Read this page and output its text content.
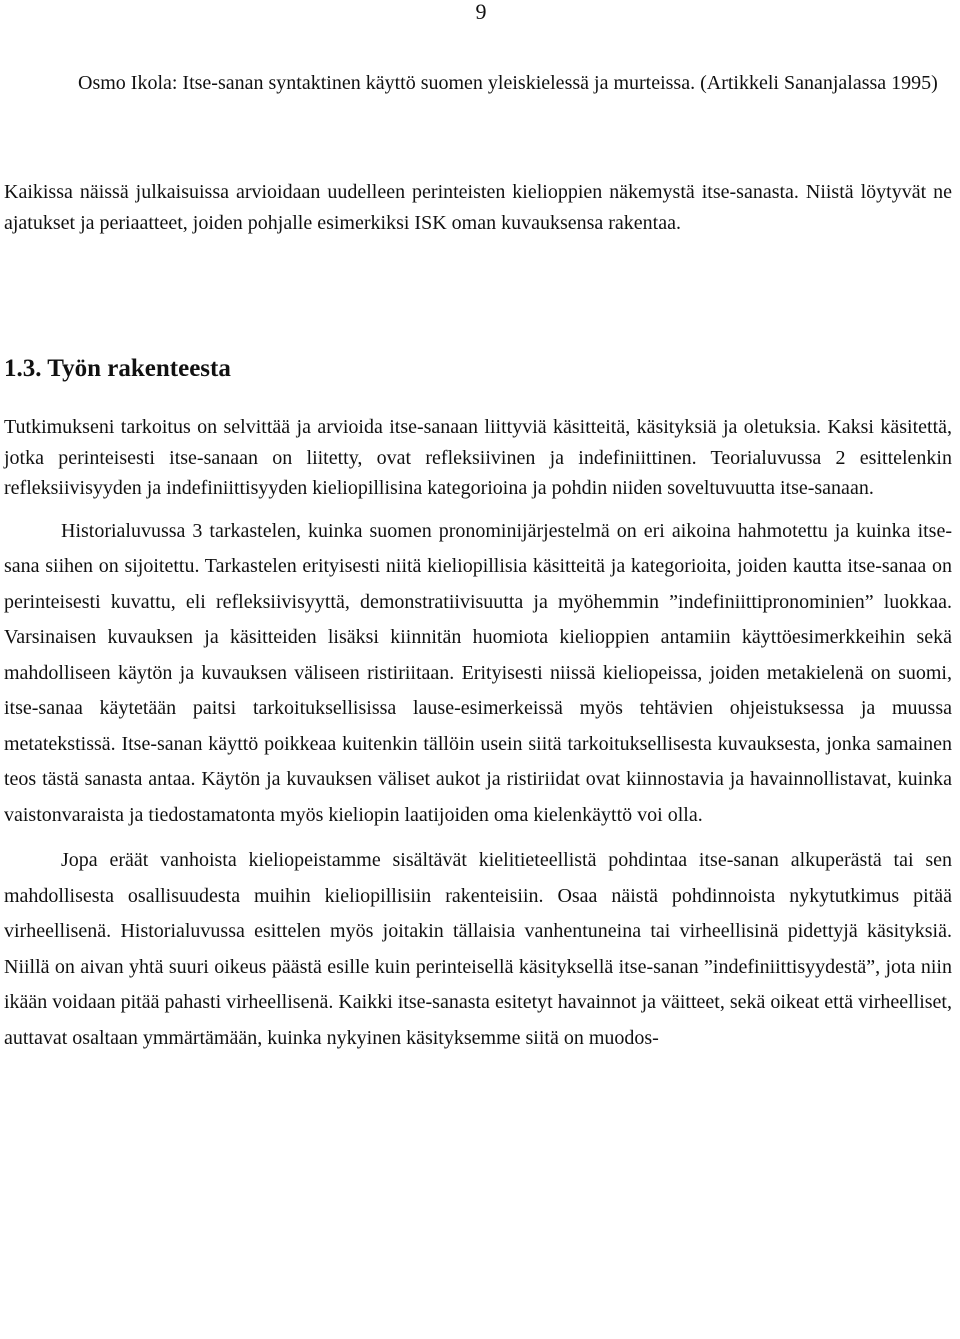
9
Osmo Ikola: Itse-sanan syntaktinen käyttö suomen yleiskielessä ja murteissa. (Artikkeli Sananjalassa 1995)
Kaikissa näissä julkaisuissa arvioidaan uudelleen perinteisten kielioppien näkemystä itse-sanasta. Niistä löytyvät ne ajatukset ja periaatteet, joiden pohjalle esimerkiksi ISK oman kuvauksensa rakentaa.
1.3. Työn rakenteesta

Tutkimukseni tarkoitus on selvittää ja arvioida itse-sanaan liittyviä käsitteitä, käsityksiä ja oletuksia. Kaksi käsitettä, jotka perinteisesti itse-sanaan on liitetty, ovat refleksiivinen ja indefiniittinen. Teorialuvussa 2 esittelenkin refleksiivisyyden ja indefiniittisyyden kieliopillisina kategorioina ja pohdin niiden soveltuvuutta itse-sanaan.

Historialuvussa 3 tarkastelen, kuinka suomen pronominijärjestelmä on eri aikoina hahmotettu ja kuinka itse-sana siihen on sijoitettu. Tarkastelen erityisesti niitä kieliopillisia käsitteitä ja kategorioita, joiden kautta itse-sanaa on perinteisesti kuvattu, eli refleksiivisyyttä, demonstratiivisuutta ja myöhemmin ”indefiniittipronominien” luokkaa. Varsinaisen kuvauksen ja käsitteiden lisäksi kiinnitän huomiota kielioppien antamiin käyttöesimerkkeihin sekä mahdolliseen käytön ja kuvauksen väliseen ristiriitaan. Erityisesti niissä kieliopeissa, joiden metakielenä on suomi, itse-sanaa käytetään paitsi tarkoituksellisissa lause-esimerkeissä myös tehtävien ohjeistuksessa ja muussa metatekstissä. Itse-sanan käyttö poikkeaa kuitenkin tällöin usein siitä tarkoituksellisesta kuvauksesta, jonka samainen teos tästä sanasta antaa. Käytön ja kuvauksen väliset aukot ja ristiriidat ovat kiinnostavia ja havainnollistavat, kuinka vaistonvaraista ja tiedostamatonta myös kieliopin laatijoiden oma kielenkäyttö voi olla.

Jopa eräät vanhoista kieliopeistamme sisältävät kielitieteellistä pohdintaa itse-sanan alkuperästä tai sen mahdollisesta osallisuudesta muihin kieliopillisiin rakenteisiin. Osaa näistä pohdinnoista nykytutkimus pitää virheellisenä. Historialuvussa esittelen myös joitakin tällaisia vanhentuneina tai virheellisinä pidettyjä käsityksiä. Niillä on aivan yhtä suuri oikeus päästä esille kuin perinteisellä käsityksellä itse-sanan ”indefiniittisyydestä”, jota niin ikään voidaan pitää pahasti virheellisenä. Kaikki itse-sanasta esitetyt havainnot ja väitteet, sekä oikeat että virheelliset, auttavat osaltaan ymmärtämään, kuinka nykyinen käsityksemme siitä on muodos-
